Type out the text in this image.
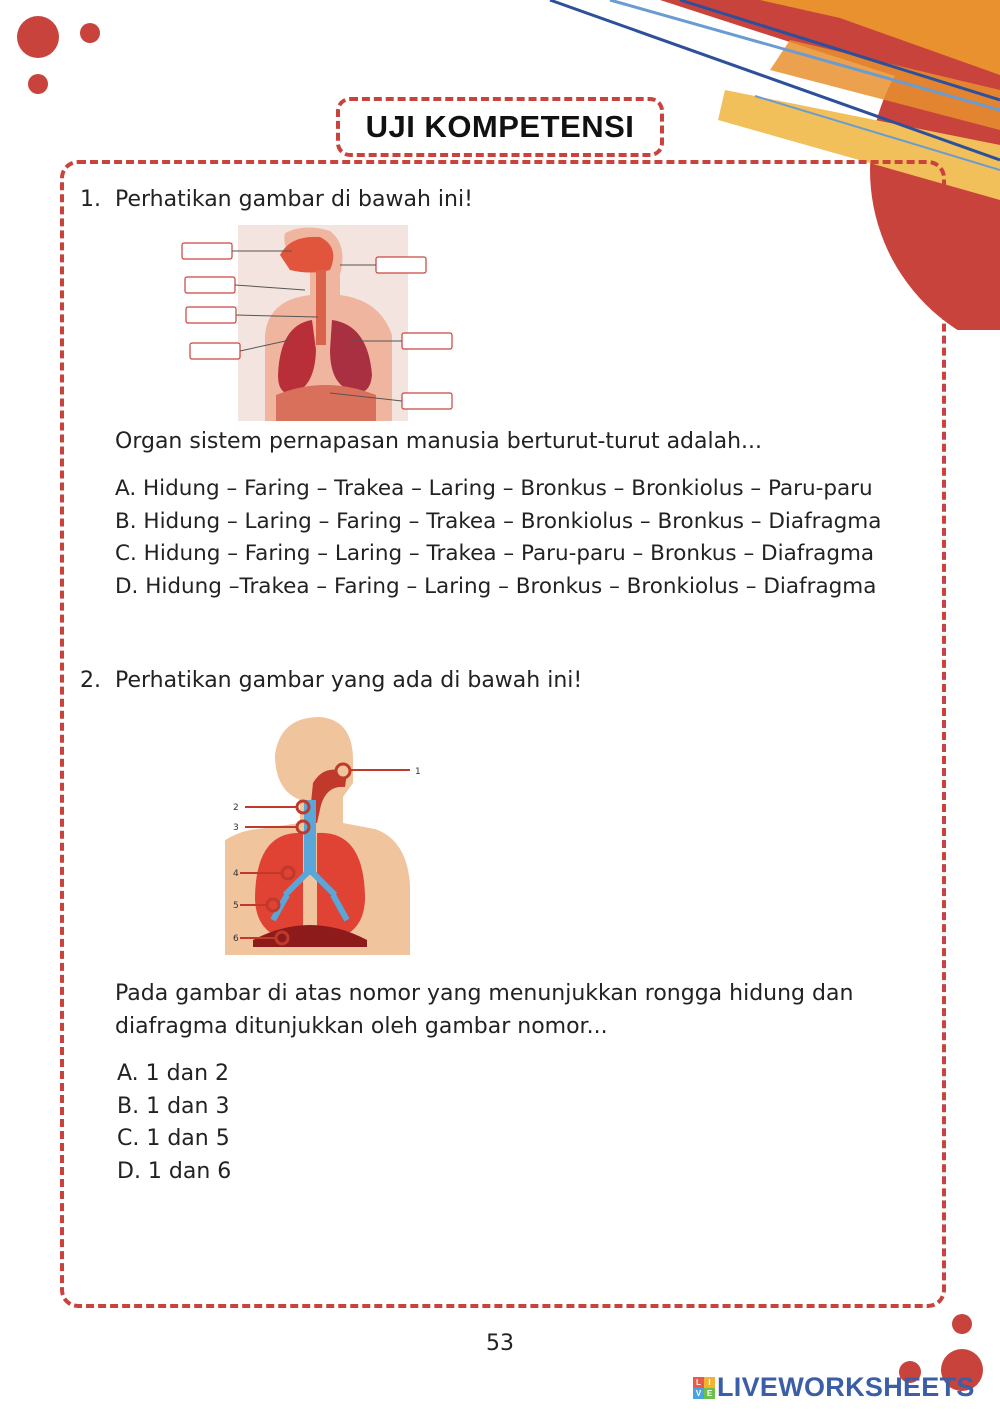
UJI KOMPETENSI
1. Perhatikan gambar di bawah ini!
Organ sistem pernapasan manusia berturut-turut adalah...
A. Hidung – Faring – Trakea – Laring – Bronkus – Bronkiolus – Paru-paru
B. Hidung – Laring – Faring – Trakea – Bronkiolus – Bronkus – Diafragma
C. Hidung – Faring – Laring – Trakea – Paru-paru – Bronkus – Diafragma
D. Hidung –Trakea – Faring – Laring – Bronkus – Bronkiolus – Diafragma
2. Perhatikan gambar yang ada di bawah ini!
1
2
3
4
5
6
Pada gambar di atas nomor yang menunjukkan rongga hidung dan
diafragma ditunjukkan oleh gambar nomor...
A. 1 dan 2
B. 1 dan 3
C. 1 dan 5
D. 1 dan 6
53
L I
V E LIVEWORKSHEETS
